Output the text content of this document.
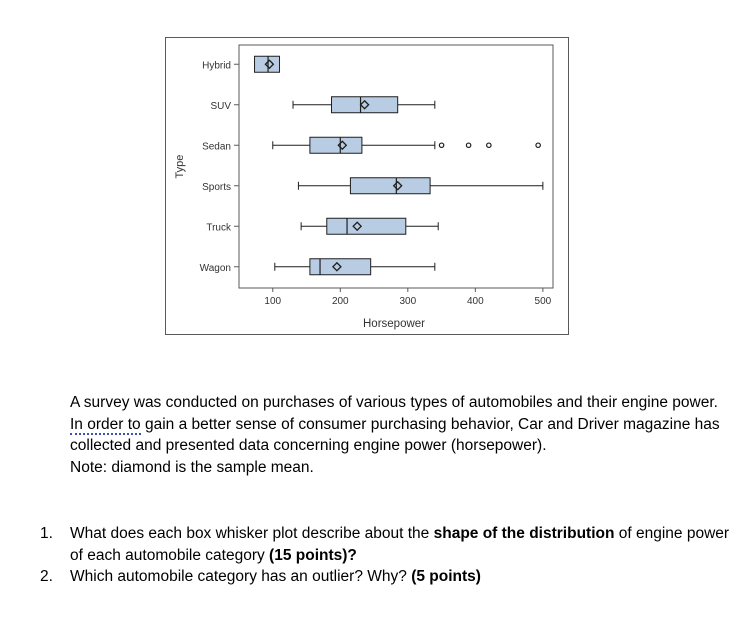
Type
Horsepower
100	200	300	400	500
Hybrid
SUV
Sedan
Sports
Truck
Wagon

A survey was conducted on purchases of various types of automobiles and their engine power. In order to gain a better sense of consumer purchasing behavior, Car and Driver magazine has collected and presented data concerning engine power (horsepower).

Note: diamond is the sample mean.

1. What does each box whisker plot describe about the shape of the distribution of engine power of each automobile category (15 points)?
2. Which automobile category has an outlier? Why? (5 points)
